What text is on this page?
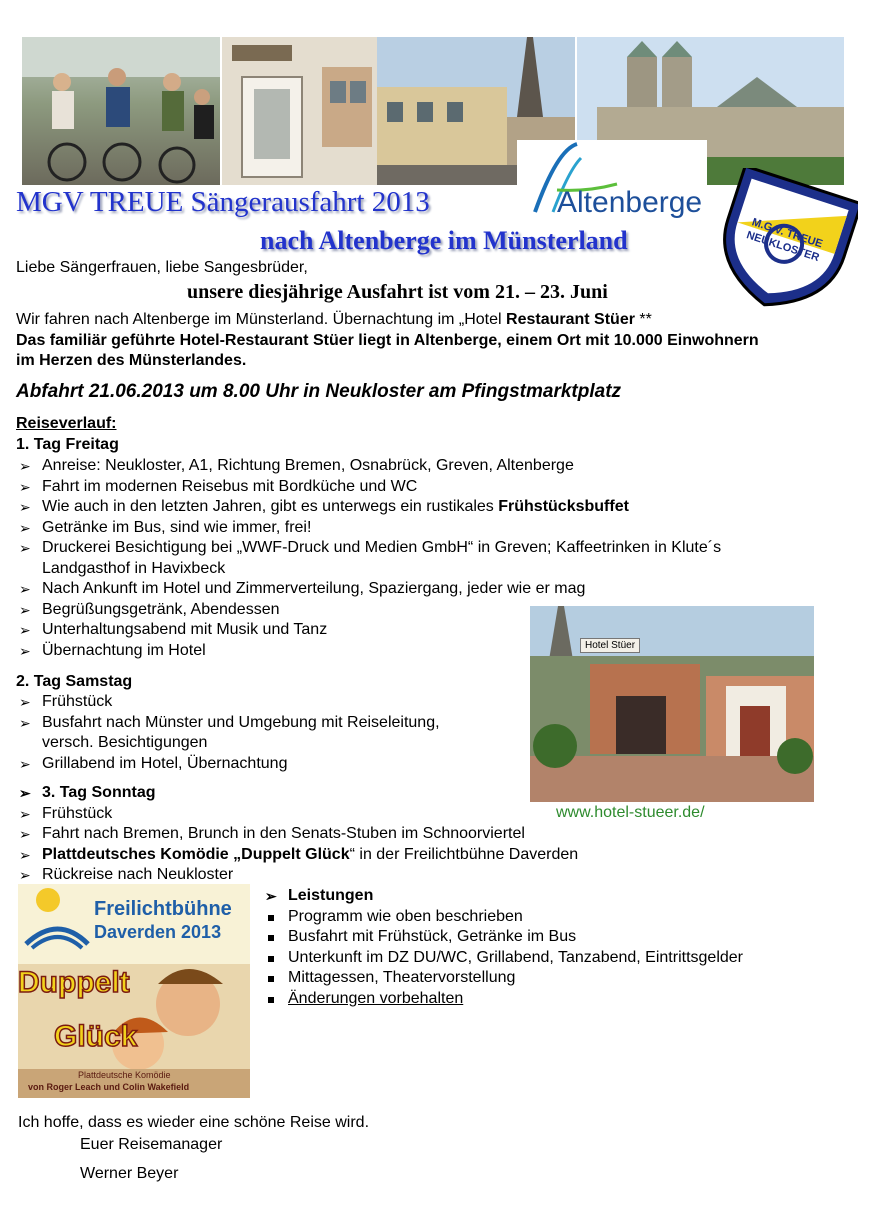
Altenberge
M.G.V. TREUE NEUKLOSTER
MGV TREUE Sängerausfahrt 2013
nach Altenberge im Münsterland
Liebe Sängerfrauen, liebe Sangesbrüder,
unsere diesjährige Ausfahrt ist vom 21. – 23. Juni
Wir fahren nach Altenberge im Münsterland. Übernachtung im „Hotel Restaurant Stüer **
Das familiär geführte Hotel-Restaurant Stüer liegt in Altenberge, einem Ort mit 10.000 Einwohnern
im Herzen des Münsterlandes.
Abfahrt 21.06.2013 um 8.00 Uhr in Neukloster am Pfingstmarktplatz
Reiseverlauf:
1. Tag Freitag
➢ Anreise: Neukloster, A1, Richtung Bremen, Osnabrück, Greven, Altenberge
➢ Fahrt im modernen Reisebus mit Bordküche und WC
➢ Wie auch in den letzten Jahren, gibt es unterwegs ein rustikales Frühstücksbuffet
➢ Getränke im Bus, sind wie immer, frei!
➢ Drucker​ei Besichtigung bei „WWF-Druck und Medien GmbH“ in Greven; Kaffeetrinken in Klute´s
Landgasthof in Havixbeck
➢ Nach Ankunft im Hotel und Zimmerverteilung, Spaziergang, jeder wie er mag
➢ Begrüßungsgetränk, Abendessen
➢ Unterhaltungsabend mit Musik und Tanz
➢ Übernachtung im Hotel
2. Tag Samstag
➢ Frühstück
➢ Busfahrt nach Münster und Umgebung mit Reiseleitung,
versch. Besichtigungen
➢ Grillabend im Hotel, Übernachtung
➢ 3. Tag Sonntag
➢ Frühstück
➢ Fahrt nach Bremen, Brunch in den Senats-Stuben im Schnoorviertel
➢ Plattdeutsches Komödie „Duppelt Glück“ in der Freilichtbühne Daverden
➢ Rückreise nach Neukloster
Hotel Stüer
www.hotel-stueer.de/
Freilichtbühne
Daverden 2013
Duppelt
Glück
Plattdeutsche Komödie
von Roger Leach und Colin Wakefield
➢ Leistungen
Programm wie oben beschrieben
Busfahrt mit Frühstück, Getränke im Bus
Unterkunft im DZ DU/WC, Grillabend, Tanzabend, Eintrittsgelder
Mittagessen, Theatervorstellung
Änderungen vorbehalten
Ich hoffe, dass es wieder eine schöne Reise wird.
Euer Reisemanager
Werner Beyer
